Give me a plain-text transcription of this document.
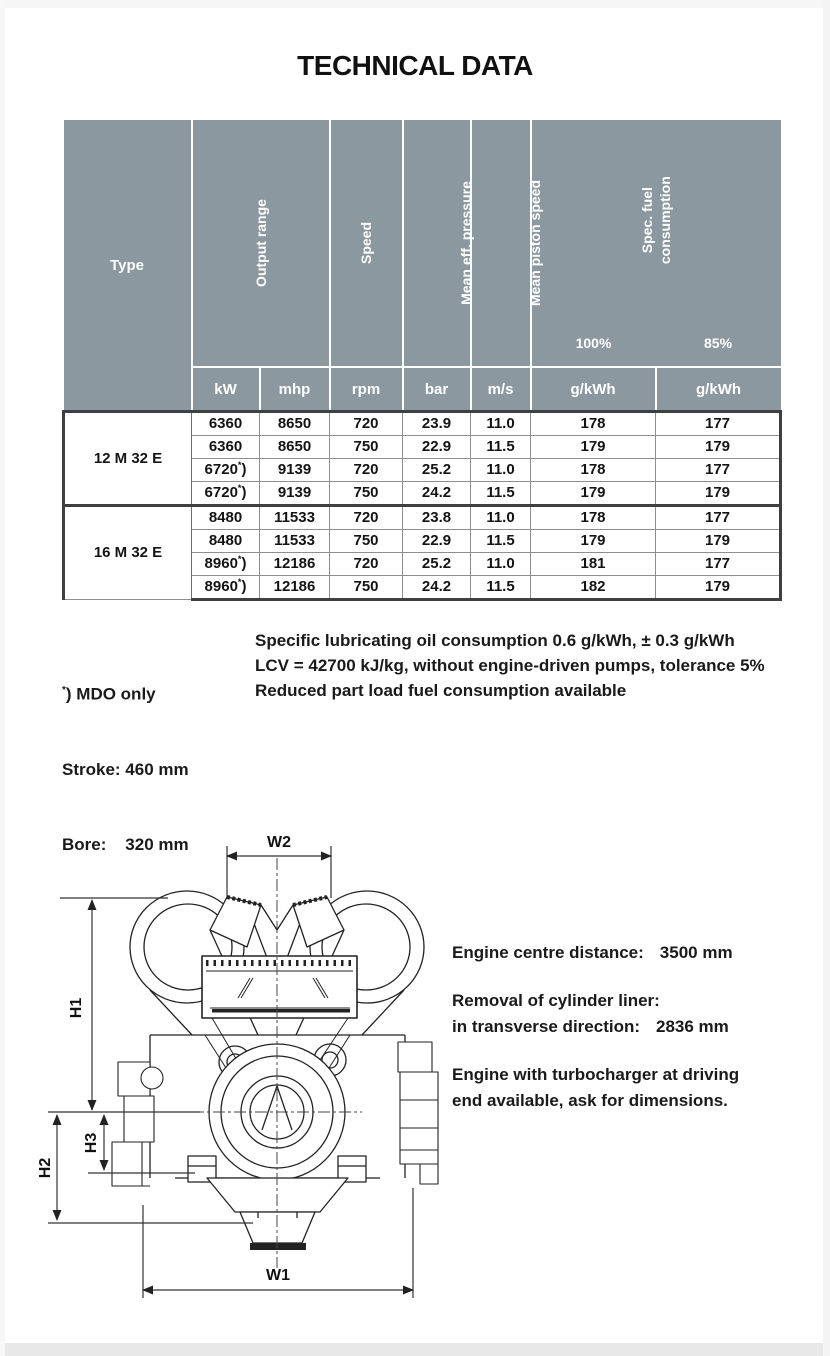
TECHNICAL DATA
Type	Output range		Speed	Mean eff. pressure	Mean piston speed	Spec. fuel consumption	
						100%	85%
	kW	mhp	rpm	bar	m/s	g/kWh	g/kWh
12 M 32 E	6360	8650	720	23.9	11.0	178	177
	6360	8650	750	22.9	11.5	179	179
	6720*)	9139	720	25.2	11.0	178	177
	6720*)	9139	750	24.2	11.5	179	179
16 M 32 E	8480	11533	720	23.8	11.0	178	177
	8480	11533	750	22.9	11.5	179	179
	8960*)	12186	720	25.2	11.0	181	177
	8960*)	12186	750	24.2	11.5	182	179

*) MDO only

Stroke: 460 mm

Bore:    320 mm

Specific lubricating oil consumption 0.6 g/kWh, ± 0.3 g/kWh
LCV = 42700 kJ/kg, without engine-driven pumps, tolerance 5%
Reduced part load fuel consumption available
W2
H1
H3
H2
W1
Engine centre distance: 3500 mm
Removal of cylinder liner:
in transverse direction: 2836 mm
Engine with turbocharger at driving
end available, ask for dimensions.
